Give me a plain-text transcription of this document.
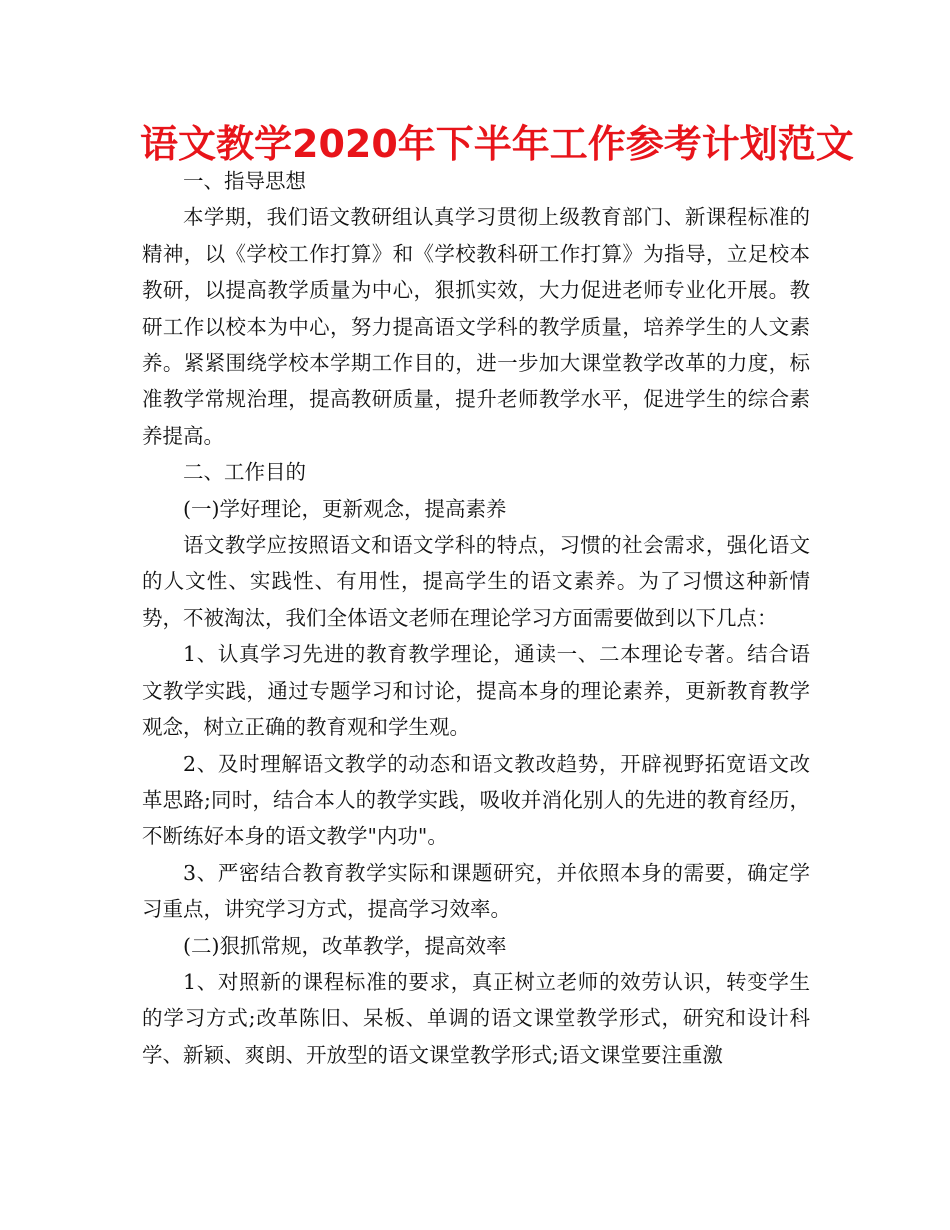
语文教学2020年下半年工作参考计划范文

一、指导思想

本学期，我们语文教研组认真学习贯彻上级教育部门、新课程标准的精神，以《学校工作打算》和《学校教科研工作打算》为指导，立足校本教研，以提高教学质量为中心，狠抓实效，大力促进老师专业化开展。教研工作以校本为中心，努力提高语文学科的教学质量，培养学生的人文素养。紧紧围绕学校本学期工作目的，进一步加大课堂教学改革的力度，标准教学常规治理，提高教研质量，提升老师教学水平，促进学生的综合素养提高。

二、工作目的

(一)学好理论，更新观念，提高素养

语文教学应按照语文和语文学科的特点，习惯的社会需求，强化语文的人文性、实践性、有用性，提高学生的语文素养。为了习惯这种新情势，不被淘汰，我们全体语文老师在理论学习方面需要做到以下几点：

1、认真学习先进的教育教学理论，通读一、二本理论专著。结合语文教学实践，通过专题学习和讨论，提高本身的理论素养，更新教育教学观念，树立正确的教育观和学生观。

2、及时理解语文教学的动态和语文教改趋势，开辟视野拓宽语文改革思路;同时，结合本人的教学实践，吸收并消化别人的先进的教育经历，不断练好本身的语文教学"内功"。

3、严密结合教育教学实际和课题研究，并依照本身的需要，确定学习重点，讲究学习方式，提高学习效率。

(二)狠抓常规，改革教学，提高效率

1、对照新的课程标准的要求，真正树立老师的效劳认识，转变学生的学习方式;改革陈旧、呆板、单调的语文课堂教学形式，研究和设计科学、新颖、爽朗、开放型的语文课堂教学形式;语文课堂要注重激
